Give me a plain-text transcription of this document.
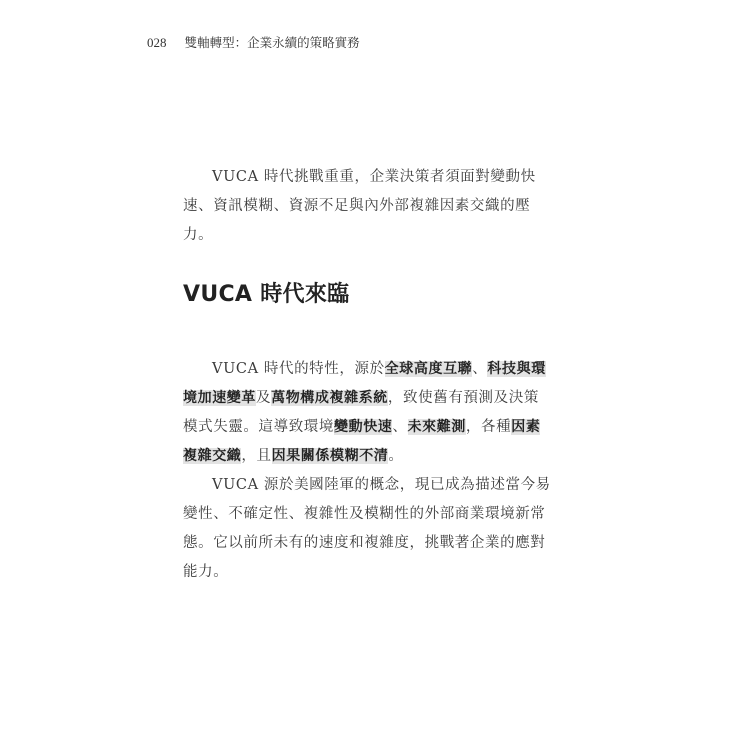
028 雙軸轉型：企業永續的策略實務

VUCA 時代挑戰重重，企業決策者須面對變動快速、資訊模糊、資源不足與內外部複雜因素交織的壓力。

VUCA 時代來臨

VUCA 時代的特性，源於全球高度互聯、科技與環境加速變革及萬物構成複雜系統，致使舊有預測及決策模式失靈。這導致環境變動快速、未來難測，各種因素複雜交織，且因果關係模糊不清。

VUCA 源於美國陸軍的概念，現已成為描述當今易變性、不確定性、複雜性及模糊性的外部商業環境新常態。它以前所未有的速度和複雜度，挑戰著企業的應對能力。
